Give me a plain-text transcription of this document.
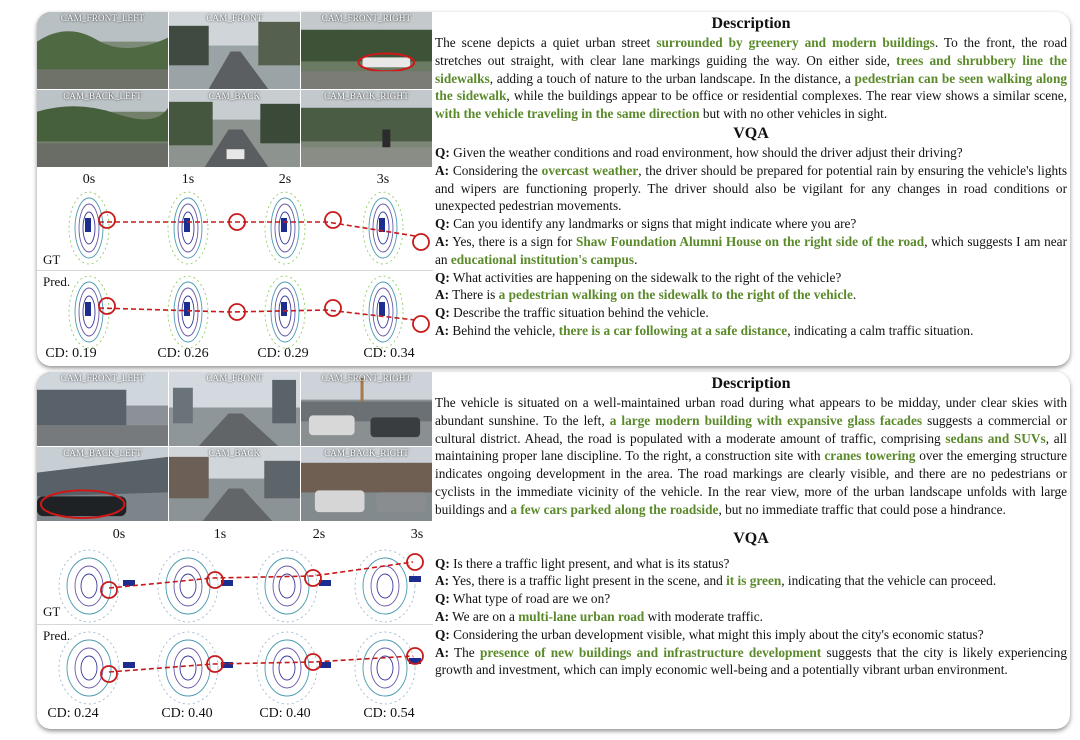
CAM_FRONT_LEFT	CAM_FRONT	CAM_FRONT_RIGHT
CAM_BACK_LEFT	CAM_BACK	CAM_BACK_RIGHT
0s	1s	2s	3s
GT
Pred.
CD: 0.19	CD: 0.26	CD: 0.29	CD: 0.34
Description

The scene depicts a quiet urban street surrounded by greenery and modern buildings. To the front, the road stretches out straight, with clear lane markings guiding the way. On either side, trees and shrubbery line the sidewalks, adding a touch of nature to the urban landscape. In the distance, a pedestrian can be seen walking along the sidewalk, while the buildings appear to be office or residential complexes. The rear view shows a similar scene, with the vehicle traveling in the same direction but with no other vehicles in sight.

VQA

Q: Given the weather conditions and road environment, how should the driver adjust their driving?

A: Considering the overcast weather, the driver should be prepared for potential rain by ensuring the vehicle's lights and wipers are functioning properly. The driver should also be vigilant for any changes in road conditions or unexpected pedestrian movements.

Q: Can you identify any landmarks or signs that might indicate where you are?

A: Yes, there is a sign for Shaw Foundation Alumni House on the right side of the road, which suggests I am near an educational institution's campus.

Q: What activities are happening on the sidewalk to the right of the vehicle?

A: There is a pedestrian walking on the sidewalk to the right of the vehicle.

Q: Describe the traffic situation behind the vehicle.

A: Behind the vehicle, there is a car following at a safe distance, indicating a calm traffic situation.

CAM_FRONT_LEFT	CAM_FRONT	CAM_FRONT_RIGHT
CAM_BACK_LEFT	CAM_BACK	CAM_BACK_RIGHT
0s	1s	2s	3s
GT
Pred.
CD: 0.24	CD: 0.40	CD: 0.40	CD: 0.54
Description

The vehicle is situated on a well-maintained urban road during what appears to be midday, under clear skies with abundant sunshine. To the left, a large modern building with expansive glass facades suggests a commercial or cultural district. Ahead, the road is populated with a moderate amount of traffic, comprising sedans and SUVs, all maintaining proper lane discipline. To the right, a construction site with cranes towering over the emerging structure indicates ongoing development in the area. The road markings are clearly visible, and there are no pedestrians or cyclists in the immediate vicinity of the vehicle. In the rear view, more of the urban landscape unfolds with large buildings and a few cars parked along the roadside, but no immediate traffic that could pose a hindrance.

VQA

Q: Is there a traffic light present, and what is its status?

A: Yes, there is a traffic light present in the scene, and it is green, indicating that the vehicle can proceed.

Q: What type of road are we on?

A: We are on a multi-lane urban road with moderate traffic.

Q: Considering the urban development visible, what might this imply about the city's economic status?

A: The presence of new buildings and infrastructure development suggests that the city is likely experiencing growth and investment, which can imply economic well-being and a potentially vibrant urban environment.
